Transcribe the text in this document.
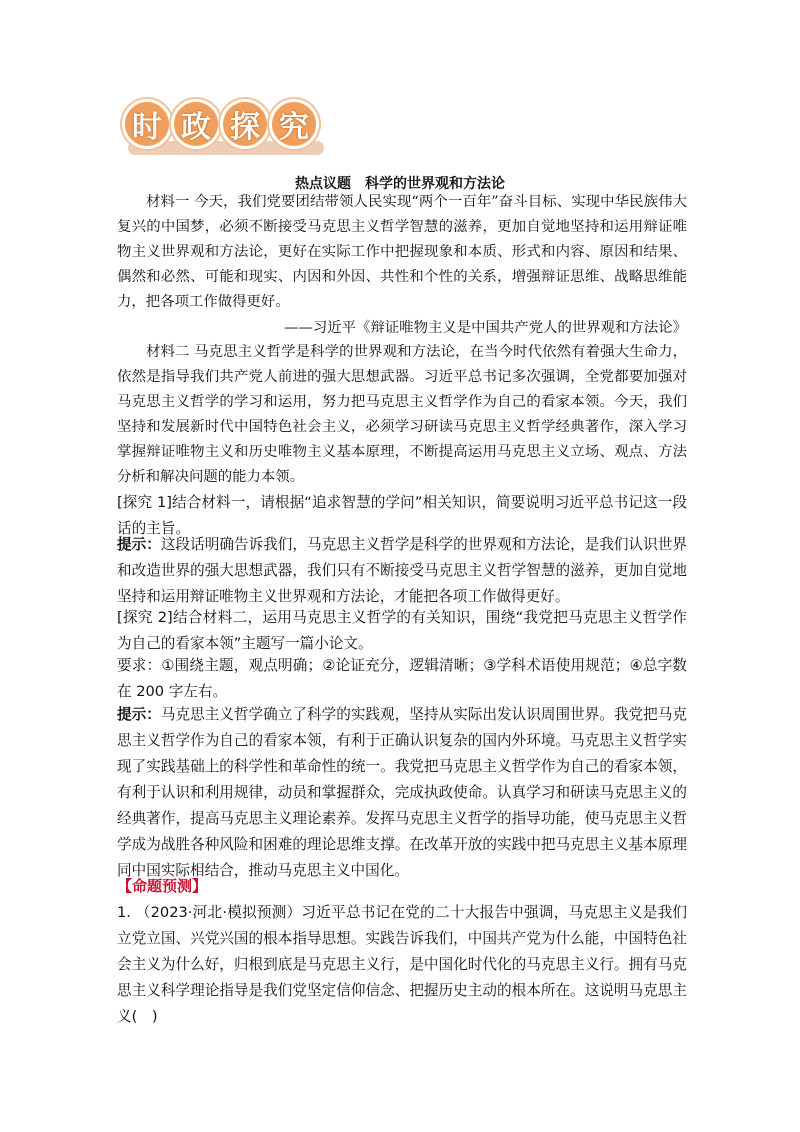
时 政 探 究
热点议题　科学的世界观和方法论

材料一 今天，我们党要团结带领人民实现“两个一百年”奋斗目标、实现中华民族伟大复兴的中国梦，必须不断接受马克思主义哲学智慧的滋养，更加自觉地坚持和运用辩证唯物主义世界观和方法论，更好在实际工作中把握现象和本质、形式和内容、原因和结果、偶然和必然、可能和现实、内因和外因、共性和个性的关系，增强辩证思维、战略思维能力，把各项工作做得更好。

——习近平《辩证唯物主义是中国共产党人的世界观和方法论》

材料二 马克思主义哲学是科学的世界观和方法论，在当今时代依然有着强大生命力，依然是指导我们共产党人前进的强大思想武器。习近平总书记多次强调，全党都要加强对马克思主义哲学的学习和运用，努力把马克思主义哲学作为自己的看家本领。今天，我们坚持和发展新时代中国特色社会主义，必须学习研读马克思主义哲学经典著作，深入学习掌握辩证唯物主义和历史唯物主义基本原理，不断提高运用马克思主义立场、观点、方法分析和解决问题的能力本领。

[探究 1]结合材料一，请根据“追求智慧的学问”相关知识，简要说明习近平总书记这一段话的主旨。

提示：这段话明确告诉我们，马克思主义哲学是科学的世界观和方法论，是我们认识世界和改造世界的强大思想武器，我们只有不断接受马克思主义哲学智慧的滋养，更加自觉地坚持和运用辩证唯物主义世界观和方法论，才能把各项工作做得更好。

[探究 2]结合材料二，运用马克思主义哲学的有关知识，围绕“我党把马克思主义哲学作为自己的看家本领”主题写一篇小论文。

要求：①围绕主题，观点明确；②论证充分，逻辑清晰；③学科术语使用规范；④总字数在 200 字左右。

提示：马克思主义哲学确立了科学的实践观，坚持从实际出发认识周围世界。我党把马克思主义哲学作为自己的看家本领，有利于正确认识复杂的国内外环境。马克思主义哲学实现了实践基础上的科学性和革命性的统一。我党把马克思主义哲学作为自己的看家本领，有利于认识和利用规律，动员和掌握群众，完成执政使命。认真学习和研读马克思主义的经典著作，提高马克思主义理论素养。发挥马克思主义哲学的指导功能，使马克思主义哲学成为战胜各种风险和困难的理论思维支撑。在改革开放的实践中把马克思主义基本原理同中国实际相结合，推动马克思主义中国化。

【命题预测】

1. （2023·河北·模拟预测）习近平总书记在党的二十大报告中强调，马克思主义是我们立党立国、兴党兴国的根本指导思想。实践告诉我们，中国共产党为什么能，中国特色社会主义为什么好，归根到底是马克思主义行，是中国化时代化的马克思主义行。拥有马克思主义科学理论指导是我们党坚定信仰信念、把握历史主动的根本所在。这说明马克思主义(　)
